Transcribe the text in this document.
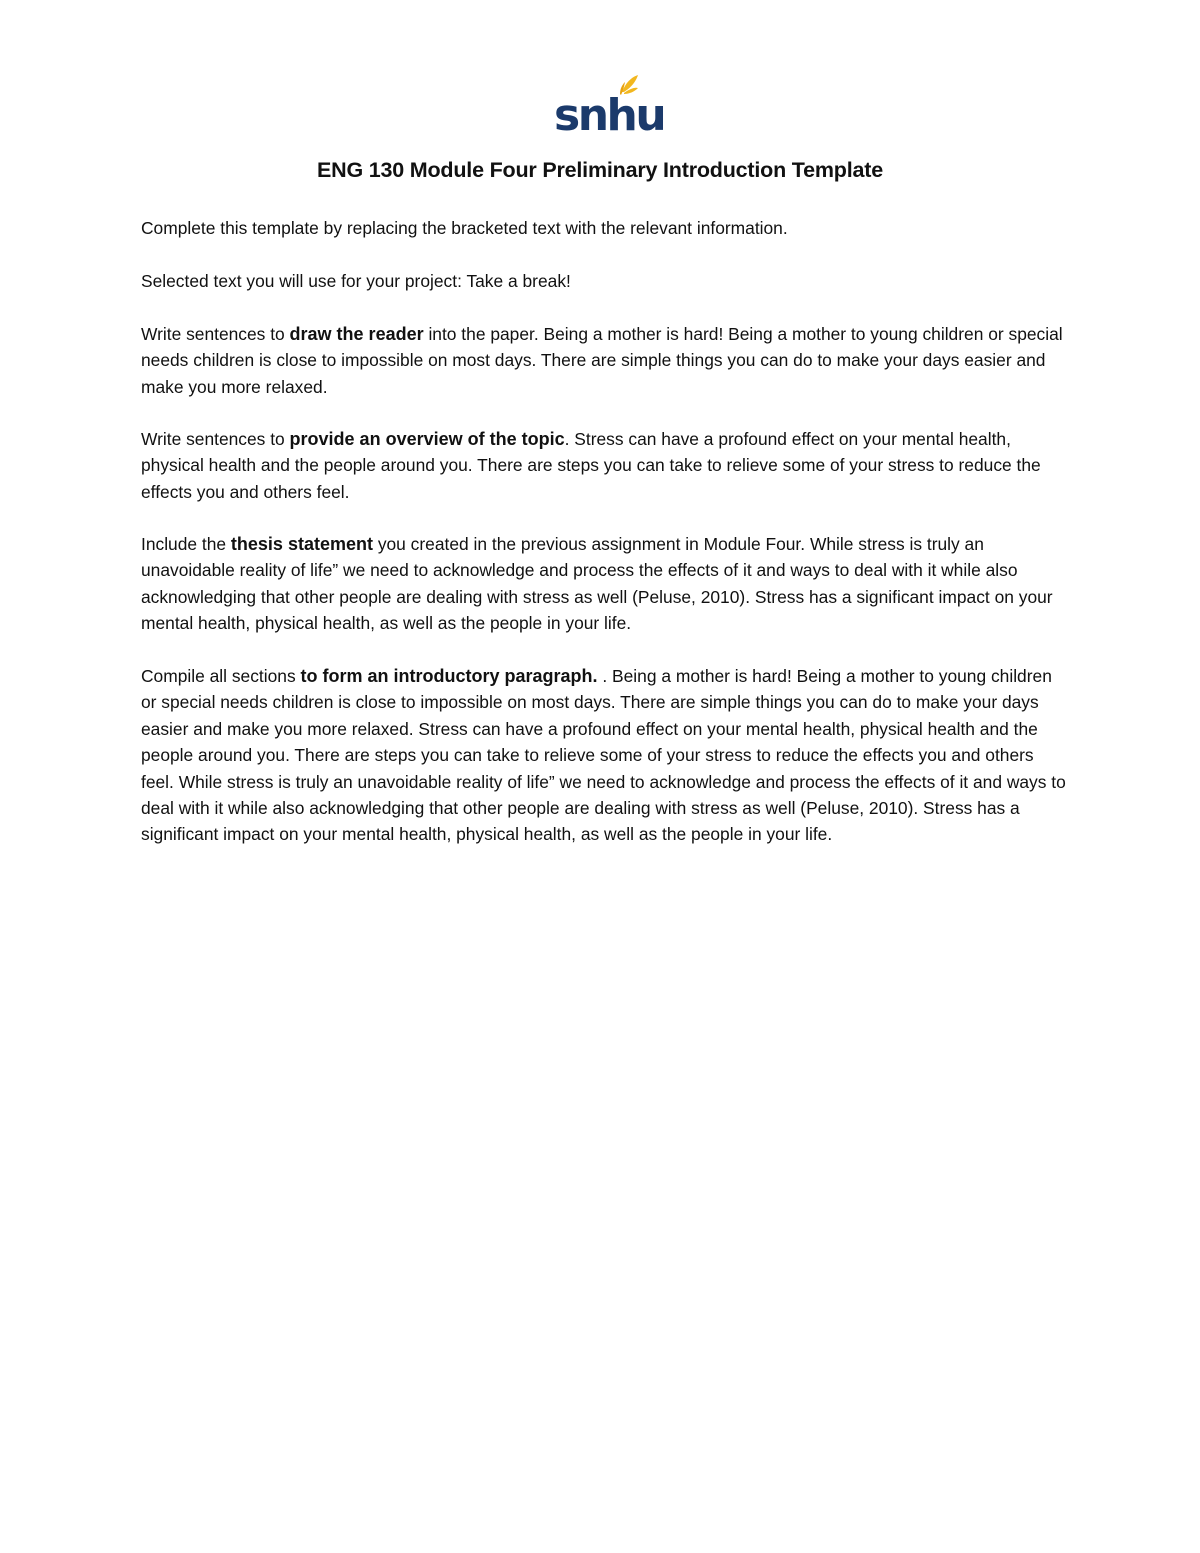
snhu
ENG 130 Module Four Preliminary Introduction Template
Complete this template by replacing the bracketed text with the relevant information.
Selected text you will use for your project: Take a break!
Write sentences to draw the reader into the paper. Being a mother is hard! Being a mother to young children or special needs children is close to impossible on most days. There are simple things you can do to make your days easier and make you more relaxed.
Write sentences to provide an overview of the topic. Stress can have a profound effect on your mental health, physical health and the people around you. There are steps you can take to relieve some of your stress to reduce the effects you and others feel.
Include the thesis statement you created in the previous assignment in Module Four. While stress is truly an unavoidable reality of life” we need to acknowledge and process the effects of it and ways to deal with it while also acknowledging that other people are dealing with stress as well (Peluse, 2010). Stress has a significant impact on your mental health, physical health, as well as the people in your life.
Compile all sections to form an introductory paragraph. . Being a mother is hard! Being a mother to young children or special needs children is close to impossible on most days. There are simple things you can do to make your days easier and make you more relaxed. Stress can have a profound effect on your mental health, physical health and the people around you. There are steps you can take to relieve some of your stress to reduce the effects you and others feel. While stress is truly an unavoidable reality of life” we need to acknowledge and process the effects of it and ways to deal with it while also acknowledging that other people are dealing with stress as well (Peluse, 2010). Stress has a significant impact on your mental health, physical health, as well as the people in your life.
